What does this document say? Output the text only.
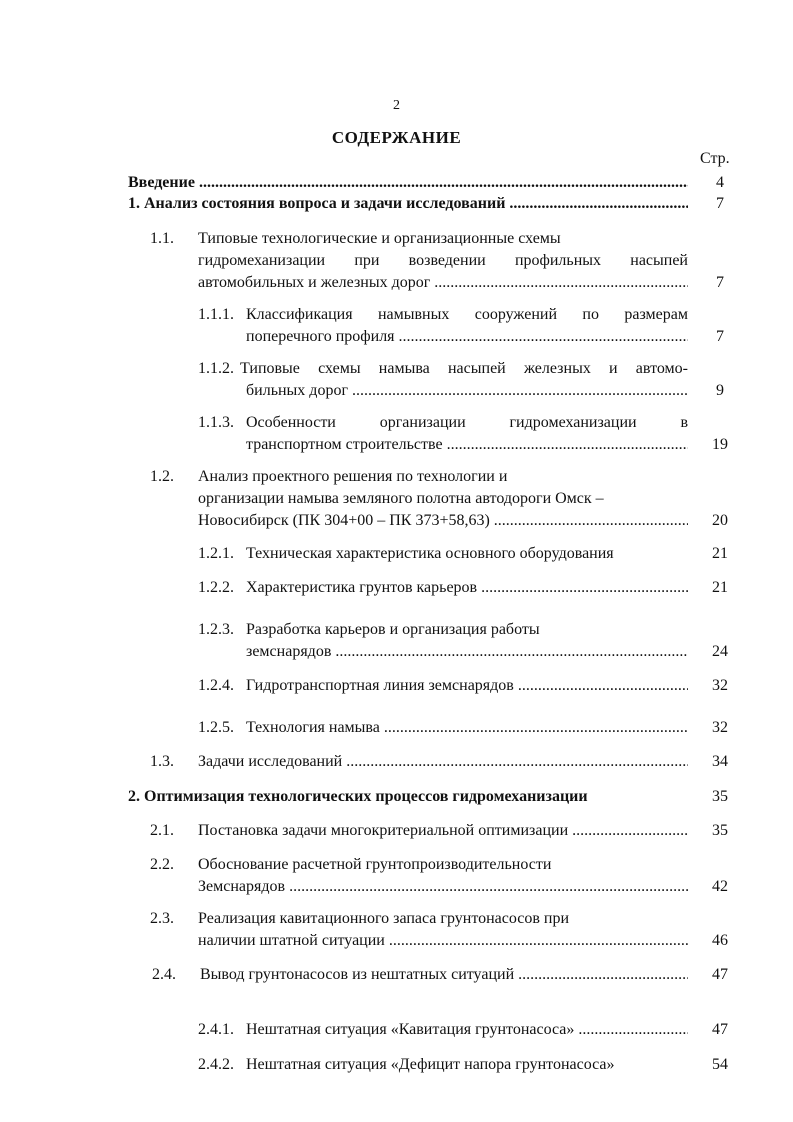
2
СОДЕРЖАНИЕ
Стр.
Введение .....	4
1. Анализ состояния вопроса и задачи исследований .....	7
1.1. Типовые технологические и организационные схемы
гидромеханизации при возведении профильных насыпей
автомобильных и железных дорог .....	7
1.1.1. Классификация намывных сооружений по размерам
поперечного профиля .....	7
1.1.2. Типовые схемы намыва насыпей железных и автомо-
бильных дорог .....	9
1.1.3. Особенности организации гидромеханизации в
транспортном строительстве .....	19
1.2. Анализ проектного решения по технологии и
организации намыва земляного полотна автодороги Омск –
Новосибирск (ПК 304+00 – ПК 373+58,63) .....	20
1.2.1. Техническая характеристика основного оборудования	21
1.2.2. Характеристика грунтов карьеров .....	21
1.2.3. Разработка карьеров и организация работы
земснарядов .....	24
1.2.4. Гидротранспортная линия земснарядов .....	32
1.2.5. Технология намыва .....	32
1.3. Задачи исследований .....	34
2. Оптимизация технологических процессов гидромеханизации	35
2.1. Постановка задачи многокритериальной оптимизации .....	35
2.2. Обоснование расчетной грунтопроизводительности
Земснарядов .....	42
2.3. Реализация кавитационного запаса грунтонасосов при
наличии штатной ситуации .....	46
2.4. Вывод грунтонасосов из нештатных ситуаций .....	47
2.4.1. Нештатная ситуация «Кавитация грунтонасоса» .....	47
2.4.2. Нештатная ситуация «Дефицит напора грунтонасоса»	54
